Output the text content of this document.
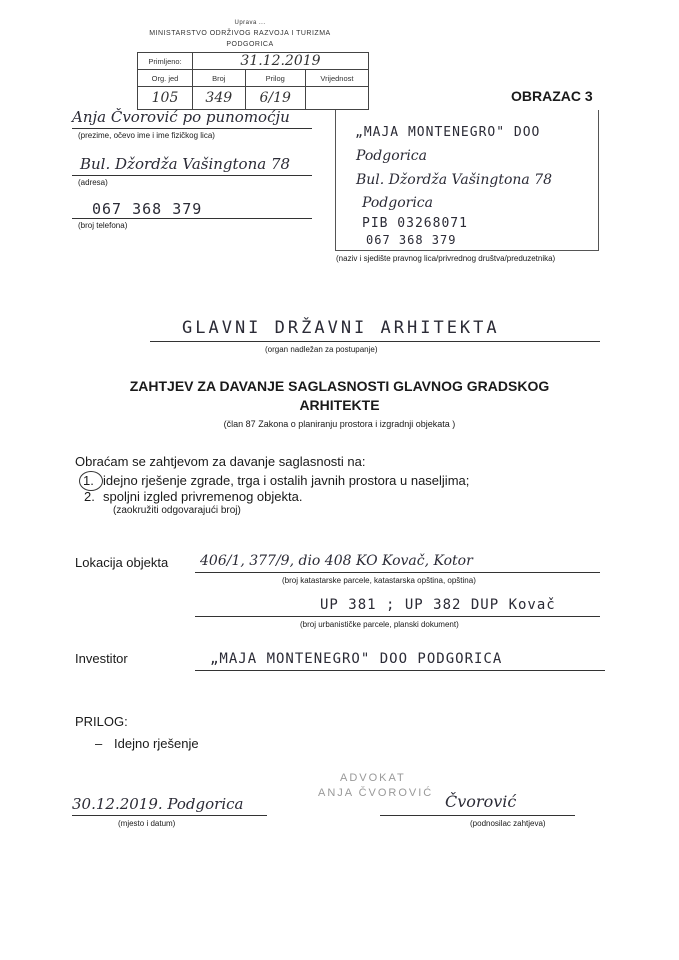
Uprava ...
MINISTARSTVO ODRŽIVOG RAZVOJA I TURIZMA
PODGORICA
Primljeno:	31.12.2019		
Org. jed	Broj	Prilog	Vrijednost
105	349	6/19		OBRAZAC 3
Anja Čvorović po punomoćju
(prezime, očevo ime i ime fizičkog lica)
Bul. Džordža Vašingtona 78
(adresa)
067 368 379
(broj telefona)
„MAJA MONTENEGRO" DOO
Podgorica
Bul. Džordža Vašingtona 78
Podgorica
PIB 03268071
067 368 379
(naziv i sjedište pravnog lica/privrednog društva/preduzetnika)
GLAVNI DRŽAVNI ARHITEKTA
(organ nadležan za postupanje)
ZAHTJEV ZA DAVANJE SAGLASNOSTI GLAVNOG GRADSKOG
ARHITEKTE
(član 87 Zakona o planiranju prostora i izgradnji objekata )
Obraćam se zahtjevom za davanje saglasnosti na:
1. idejno rješenje zgrade, trga i ostalih javnih prostora u naseljima;
2. spoljni izgled privremenog objekta.
(zaokružiti odgovarajući broj)
Lokacija objekta 406/1, 377/9, dio 408 KO Kovač, Kotor
(broj katastarske parcele, katastarska opština, opština)
UP 381 ; UP 382 DUP Kovač
(broj urbanističke parcele, planski dokument)
Investitor	„MAJA MONTENEGRO" DOO PODGORICA
PRILOG:
– Idejno rješenje
30.12.2019. Podgorica
(mjesto i datum)
ADVOKAT
ANJA ČVOROVIĆ Čvorović
(podnosilac zahtjeva)
